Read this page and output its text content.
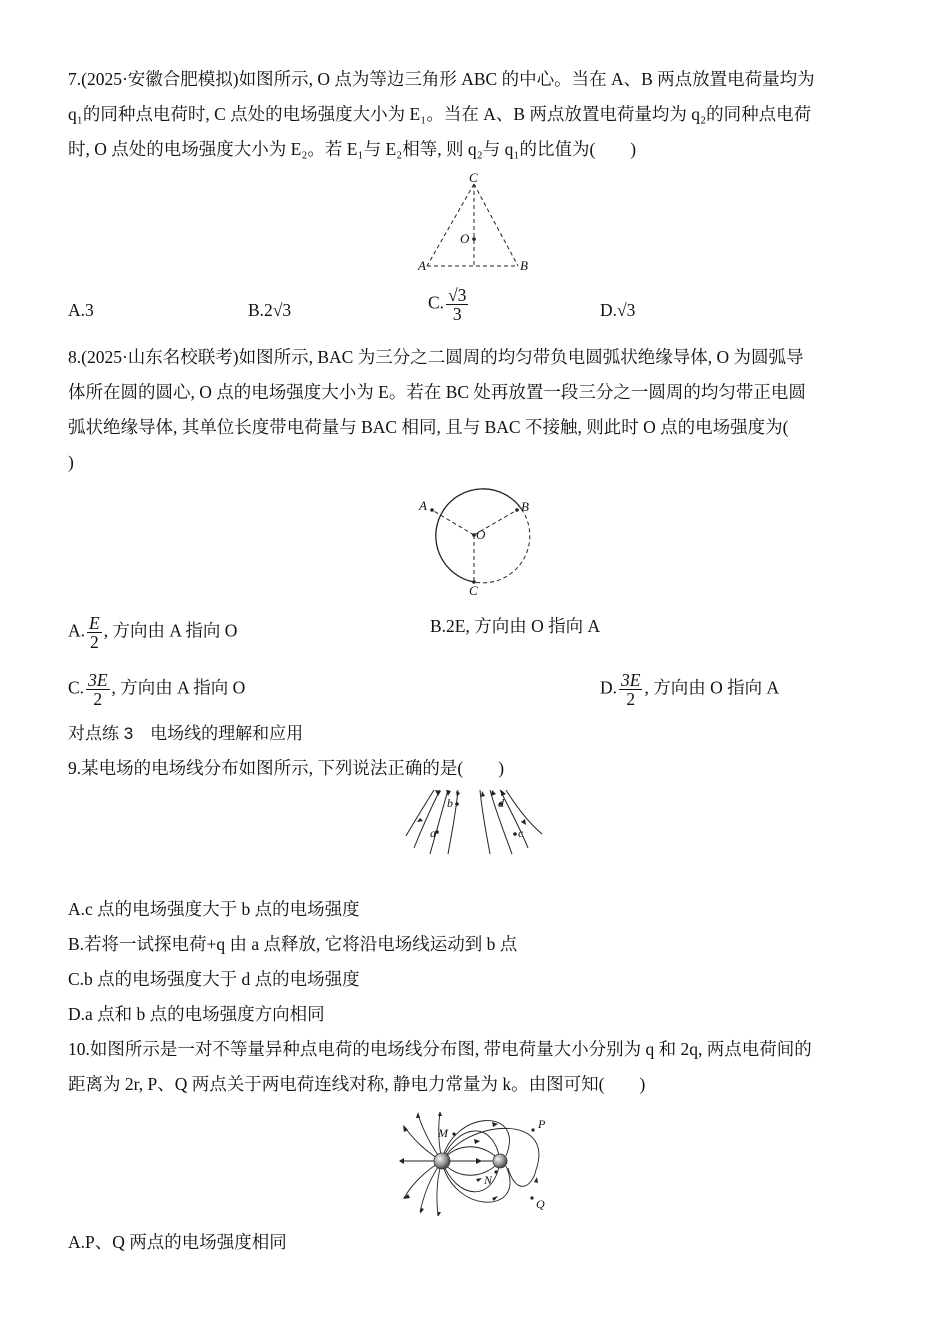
7.(2025·安徽合肥模拟)如图所示, O 点为等边三角形 ABC 的中心。当在 A、B 两点放置电荷量均为
q₁的同种点电荷时, C 点处的电场强度大小为 E₁。当在 A、B 两点放置电荷量均为 q₂的同种点电荷
时, O 点处的电场强度大小为 E₂。若 E₁与 E₂相等, 则 q₂与 q₁的比值为(　　)
C
O
A	B
A.3	B.2√3	C. $\frac{√3}{3}$	D.√3
8.(2025·山东名校联考)如图所示, BAC 为三分之二圆周的均匀带负电圆弧状绝缘导体, O 为圆弧导
体所在圆的圆心, O 点的电场强度大小为 E。若在 BC 处再放置一段三分之一圆周的均匀带正电圆
弧状绝缘导体, 其单位长度带电荷量与 BAC 相同, 且与 BAC 不接触, 则此时 O 点的电场强度为(
)
A	B
O
C
A. $\frac{E}{2}$ , 方向由 A 指向 O	B.2E, 方向由 O 指向 A
C. $\frac{3E}{2}$ , 方向由 A 指向 O	D. $\frac{3E}{2}$ , 方向由 O 指向 A
对点练 3　电场线的理解和应用
9.某电场的电场线分布如图所示, 下列说法正确的是(　　)
a
b
c
d
A.c 点的电场强度大于 b 点的电场强度
B.若将一试探电荷+q 由 a 点释放, 它将沿电场线运动到 b 点
C.b 点的电场强度大于 d 点的电场强度
D.a 点和 b 点的电场强度方向相同
10.如图所示是一对不等量异种点电荷的电场线分布图, 带电荷量大小分别为 q 和 2q, 两点电荷间的
距离为 2r, P、Q 两点关于两电荷连线对称, 静电力常量为 k。由图可知(　　)
M
P
N
Q
A.P、Q 两点的电场强度相同
